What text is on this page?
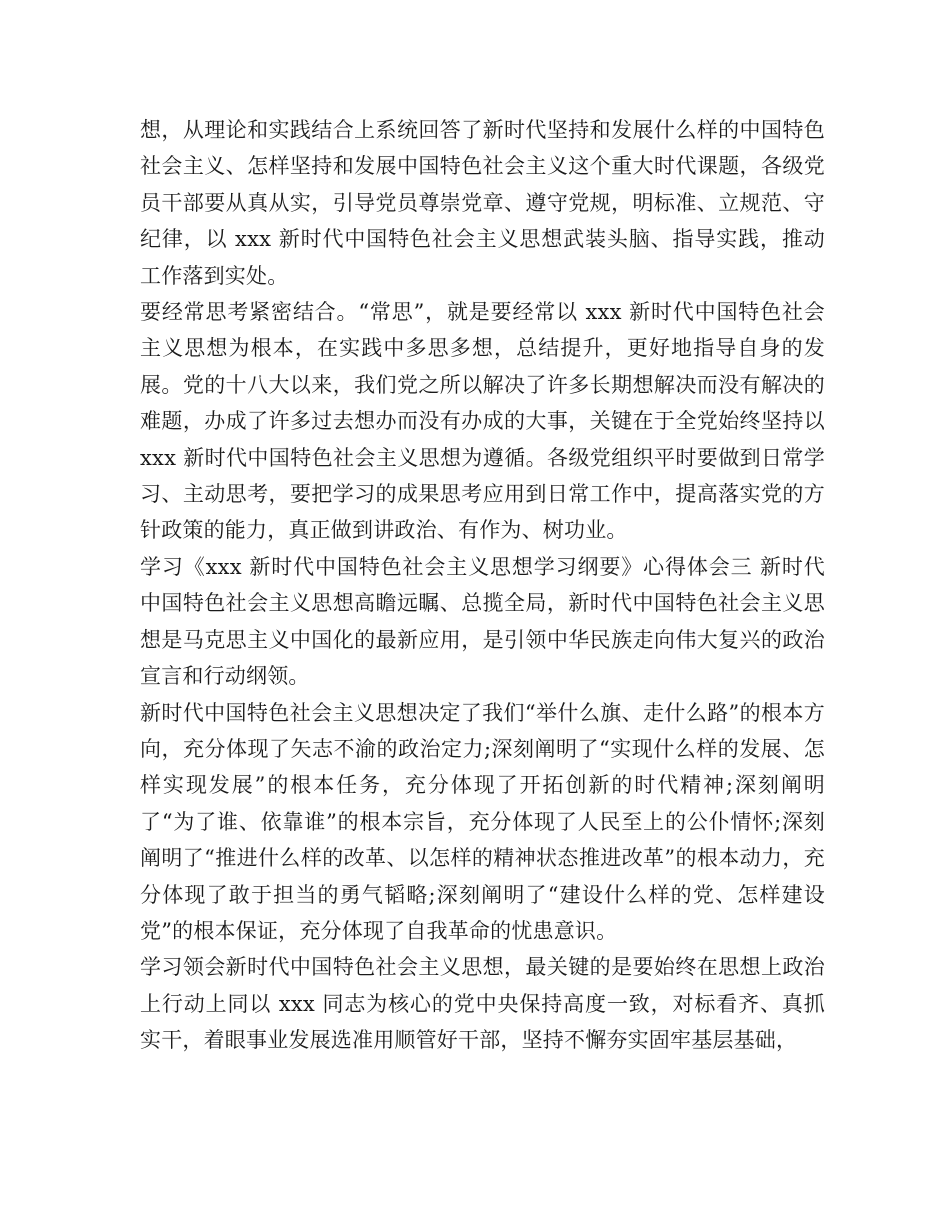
想，从理论和实践结合上系统回答了新时代坚持和发展什么样的中国特色社会主义、怎样坚持和发展中国特色社会主义这个重大时代课题，各级党员干部要从真从实，引导党员尊崇党章、遵守党规，明标准、立规范、守纪律，以 xxx 新时代中国特色社会主义思想武装头脑、指导实践，推动工作落到实处。

要经常思考紧密结合。“常思”，就是要经常以 xxx 新时代中国特色社会主义思想为根本，在实践中多思多想，总结提升，更好地指导自身的发展。党的十八大以来，我们党之所以解决了许多长期想解决而没有解决的难题，办成了许多过去想办而没有办成的大事，关键在于全党始终坚持以 xxx 新时代中国特色社会主义思想为遵循。各级党组织平时要做到日常学习、主动思考，要把学习的成果思考应用到日常工作中，提高落实党的方针政策的能力，真正做到讲政治、有作为、树功业。

学习《xxx 新时代中国特色社会主义思想学习纲要》心得体会三 新时代中国特色社会主义思想高瞻远瞩、总揽全局，新时代中国特色社会主义思想是马克思主义中国化的最新应用，是引领中华民族走向伟大复兴的政治宣言和行动纲领。

新时代中国特色社会主义思想决定了我们“举什么旗、走什么路”的根本方向，充分体现了矢志不渝的政治定力;深刻阐明了“实现什么样的发展、怎样实现发展”的根本任务，充分体现了开拓创新的时代精神;深刻阐明了“为了谁、依靠谁”的根本宗旨，充分体现了人民至上的公仆情怀;深刻阐明了“推进什么样的改革、以怎样的精神状态推进改革”的根本动力，充分体现了敢于担当的勇气韬略;深刻阐明了“建设什么样的党、怎样建设党”的根本保证，充分体现了自我革命的忧患意识。

学习领会新时代中国特色社会主义思想，最关键的是要始终在思想上政治上行动上同以 xxx 同志为核心的党中央保持高度一致，对标看齐、真抓实干，着眼事业发展选准用顺管好干部，坚持不懈夯实固牢基层基础，
